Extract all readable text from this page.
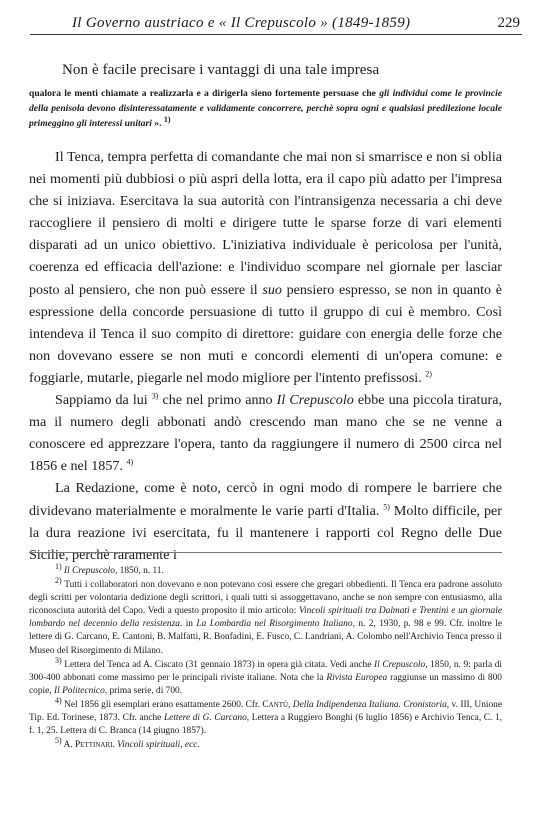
Il Governo austriaco e « Il Crepuscolo » (1849-1859)	229
Non è facile precisare i vantaggi di una tale impresa
qualora le menti chiamate a realizzarla e a dirigerla sieno fortemente persuase che gli individui come le provincie della penisola devono disinteressatamente e validamente concorrere, perchè sopra ogni e qualsiasi predilezione locale primeggino gli interessi unitari ». $^{1)}$

Il Tenca, tempra perfetta di comandante che mai non si smarrisce e non si oblia nei momenti più dubbiosi o più aspri della lotta, era il capo più adatto per l'impresa che si iniziava. Esercitava la sua autorità con l'intransigenza necessaria a chi deve raccogliere il pensiero di molti e dirigere tutte le sparse forze di vari elementi disparati ad un unico obiettivo. L'iniziativa individuale è pericolosa per l'unità, coerenza ed efficacia dell'azione: e l'individuo scompare nel giornale per lasciar posto al pensiero, che non può essere il suo pensiero espresso, se non in quanto è espressione della concorde persuasione di tutto il gruppo di cui è membro. Così intendeva il Tenca il suo compito di direttore: guidare con energia delle forze che non dovevano essere se non muti e concordi elementi di un'opera comune: e foggiarle, mutarle, piegarle nel modo migliore per l'intento prefissosi. $^{2)}$

Sappiamo da lui $^{3)}$ che nel primo anno Il Crepuscolo ebbe una piccola tiratura, ma il numero degli abbonati andò crescendo man mano che se ne venne a conoscere ed apprezzare l'opera, tanto da raggiungere il numero di 2500 circa nel 1856 e nel 1857. $^{4)}$

La Redazione, come è noto, cercò in ogni modo di rompere le barriere che dividevano materialmente e moralmente le varie parti d'Italia. $^{5)}$ Molto difficile, per la dura reazione ivi esercitata, fu il mantenere i rapporti col Regno delle Due Sicilie, perchè raramente i

$^{1)}$ Il Crepuscolo, 1850, n. 11.

$^{2)}$ Tutti i collaboratori non dovevano e non potevano così essere che gregari obbedienti. Il Tenca era padrone assoluto degli scritti per volontaria dedizione degli scrittori, i quali tutti si assoggettavano, anche se non sempre con entusiasmo, alla riconosciuta autorità del Capo. Vedi a questo proposito il mio articolo: Vincoli spirituali tra Dalmati e Trentini e un giornale lombardo nel decennio della resistenza. in La Lombardia nel Risorgimento Italiano, n. 2, 1930, p. 98 e 99. Cfr. inoltre le lettere di G. Carcano, E. Cantoni, B. Malfatti, R. Bonfadini, E. Fusco, C. Landriani, A. Colombo nell'Archivio Tenca presso il Museo del Risorgimento di Milano.

$^{3)}$ Lettera del Tenca ad A. Ciscato (31 gennaio 1873) in opera già citata. Vedi anche Il Crepuscolo, 1850, n. 9: parla di 300-400 abbonati come massimo per le principali riviste italiane. Nota che la Rivista Europea raggiunse un massimo di 800 copie, Il Politecnico, prima serie, di 700.

$^{4)}$ Nel 1856 gli esemplari erano esattamente 2600. Cfr. Cantù, Della Indipendenza Italiana. Cronistoria, v. III, Unione Tip. Ed. Torinese, 1873. Cfr. anche Lettere di G. Carcano, Lettera a Ruggiero Bonghi (6 luglio 1856) e Archivio Tenca, C. 1, f. 1, 25. Lettera di C. Branca (14 giugno 1857).

$^{5)}$ A. Pettinari. Vincoli spirituali, ecc.
